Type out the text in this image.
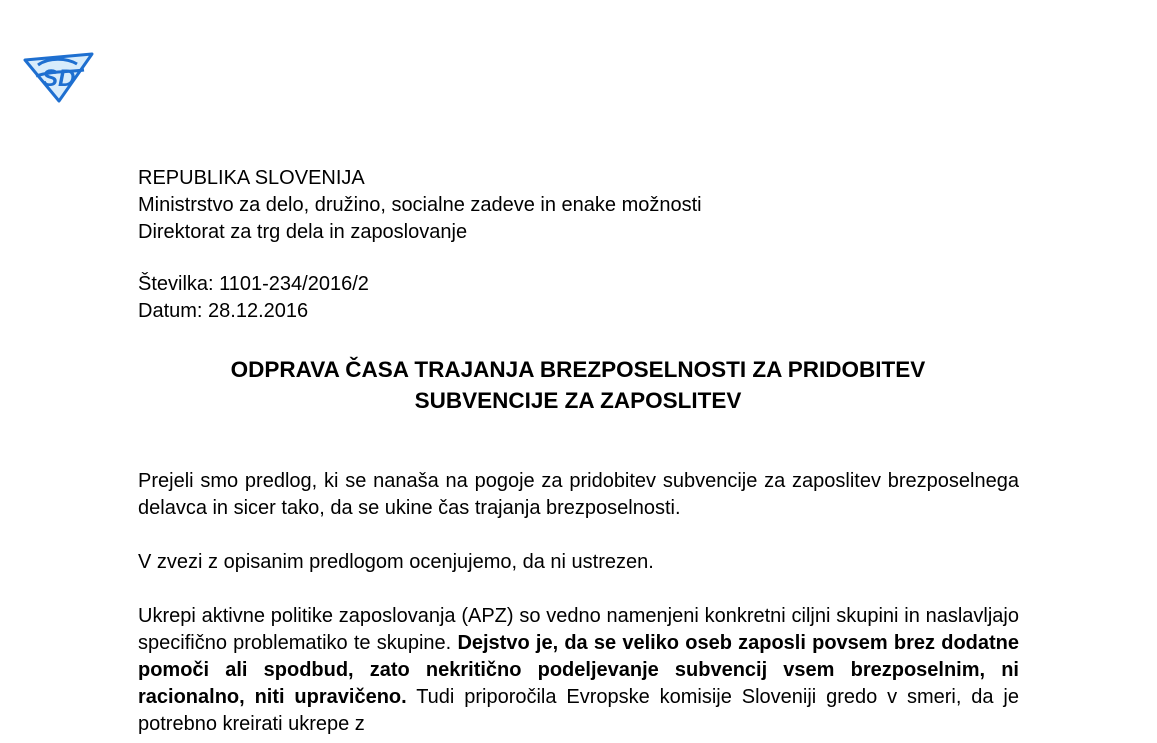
SD
REPUBLIKA SLOVENIJA
Ministrstvo za delo, družino, socialne zadeve in enake možnosti
Direktorat za trg dela in zaposlovanje
Številka: 1101-234/2016/2
Datum: 28.12.2016
ODPRAVA ČASA TRAJANJA BREZPOSELNOSTI ZA PRIDOBITEV
SUBVENCIJE ZA ZAPOSLITEV

Prejeli smo predlog, ki se nanaša na pogoje za pridobitev subvencije za zaposlitev brezposelnega delavca in sicer tako, da se ukine čas trajanja brezposelnosti.

V zvezi z opisanim predlogom ocenjujemo, da ni ustrezen.

Ukrepi aktivne politike zaposlovanja (APZ) so vedno namenjeni konkretni ciljni skupini in naslavljajo specifično problematiko te skupine. Dejstvo je, da se veliko oseb zaposli povsem brez dodatne pomoči ali spodbud, zato nekritično podeljevanje subvencij vsem brezposelnim, ni racionalno, niti upravičeno. Tudi priporočila Evropske komisije Sloveniji gredo v smeri, da je potrebno kreirati ukrepe z
